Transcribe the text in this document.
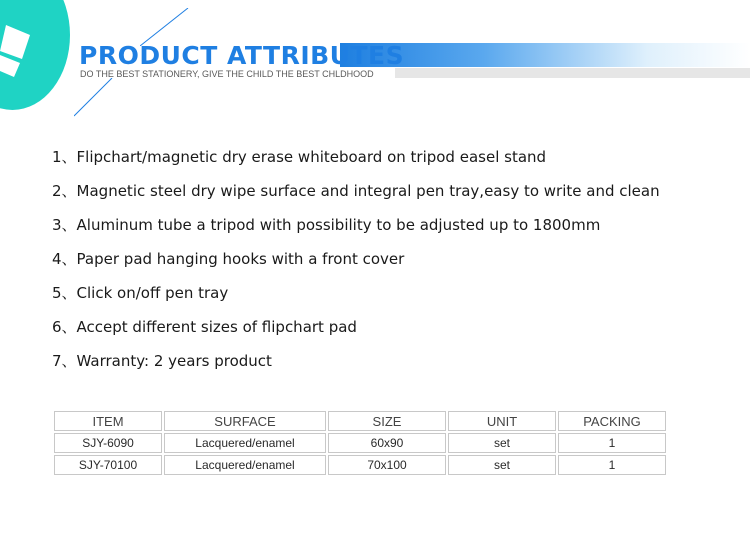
PRODUCT ATTRIBUTES
DO THE BEST STATIONERY, GIVE THE CHILD THE BEST CHLDHOOD
1、Flipchart/magnetic dry erase whiteboard on tripod easel stand
2、Magnetic steel dry wipe surface and integral pen tray,easy to write and clean
3、Aluminum tube a tripod with possibility to be adjusted up to 1800mm
4、Paper pad hanging hooks with a front cover
5、Click on/off pen tray
6、Accept different sizes of flipchart pad
7、Warranty: 2 years product
ITEM	SURFACE	SIZE	UNIT	PACKING
SJY-6090	Lacquered/enamel	60x90	set	1
SJY-70100	Lacquered/enamel	70x100	set	1
